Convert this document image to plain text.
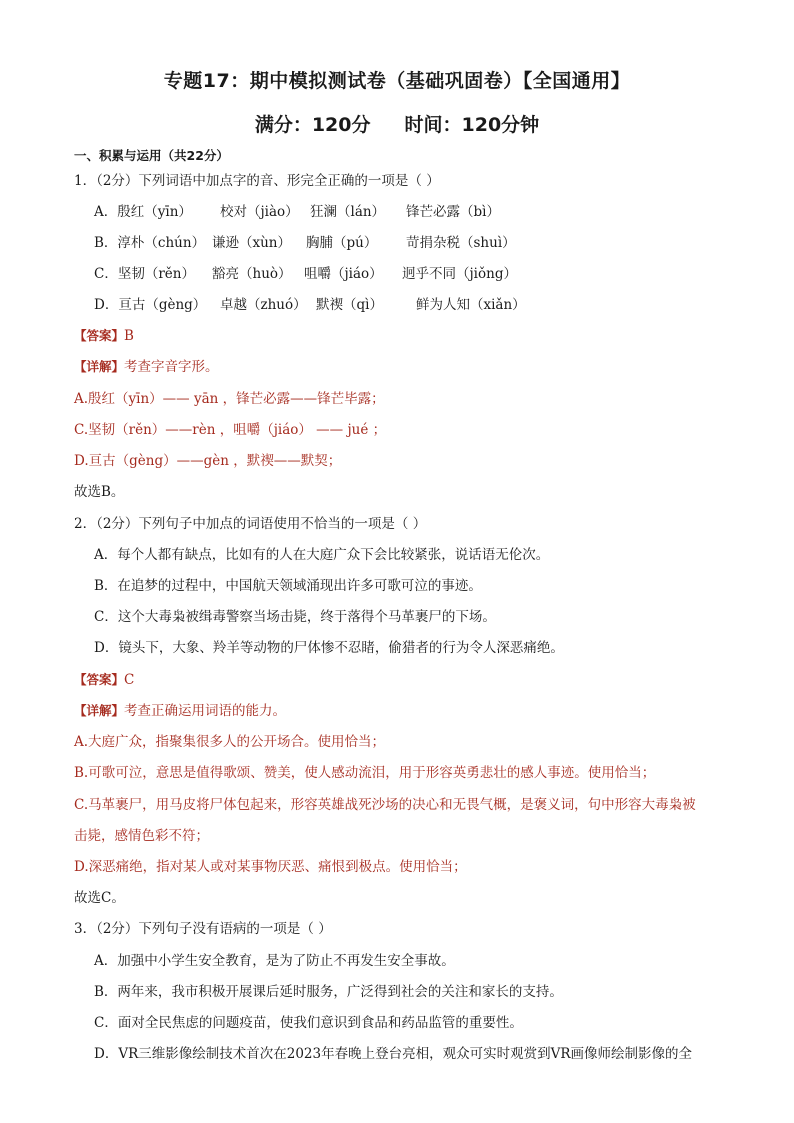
专题17：期中模拟测试卷（基础巩固卷）【全国通用】
满分：120分 时间：120分钟
一、积累与运用（共22分）
1．（2分）下列词语中加点字的音、形完全正确的一项是（ ）
A．殷红（yīn） 校对（jiào） 狂澜（lán） 锋芒必露（bì）
B．淳朴（chún） 谦逊（xùn） 胸脯（pú） 苛捐杂税（shuì）
C．坚韧（rěn） 豁亮（huò） 咀嚼（jiáo） 迥乎不同（jiǒng）
D．亘古（gèng） 卓越（zhuó） 默禊（qì） 鲜为人知（xiǎn）
【答案】B
【详解】考查字音字形。
A.殷红（yīn）—— yān ，锋芒必露——锋芒毕露；
C.坚韧（rěn）——rèn ，咀嚼（jiáo） —— jué ；
D.亘古（gèng）——gèn ，默禊——默契；
故选B。
2．（2分）下列句子中加点的词语使用不恰当的一项是（ ）
A．每个人都有缺点，比如有的人在大庭广众下会比较紧张，说话语无伦次。
B．在追梦的过程中，中国航天领域涌现出许多可歌可泣的事迹。
C．这个大毒枭被缉毒警察当场击毙，终于落得个马革裹尸的下场。
D．镜头下，大象、羚羊等动物的尸体惨不忍睹，偷猎者的行为令人深恶痛绝。
【答案】C
【详解】考查正确运用词语的能力。
A.大庭广众，指聚集很多人的公开场合。使用恰当；
B.可歌可泣，意思是值得歌颂、赞美，使人感动流泪，用于形容英勇悲壮的感人事迹。使用恰当；
C.马革裹尸，用马皮将尸体包起来，形容英雄战死沙场的决心和无畏气概，是褒义词，句中形容大毒枭被
击毙，感情色彩不符；
D.深恶痛绝，指对某人或对某事物厌恶、痛恨到极点。使用恰当；
故选C。
3．（2分）下列句子没有语病的一项是（ ）
A．加强中小学生安全教育，是为了防止不再发生安全事故。
B．两年来，我市积极开展课后延时服务，广泛得到社会的关注和家长的支持。
C．面对全民焦虑的问题疫苗，使我们意识到食品和药品监管的重要性。
D．VR三维影像绘制技术首次在2023年春晚上登台亮相，观众可实时观赏到VR画像师绘制影像的全
